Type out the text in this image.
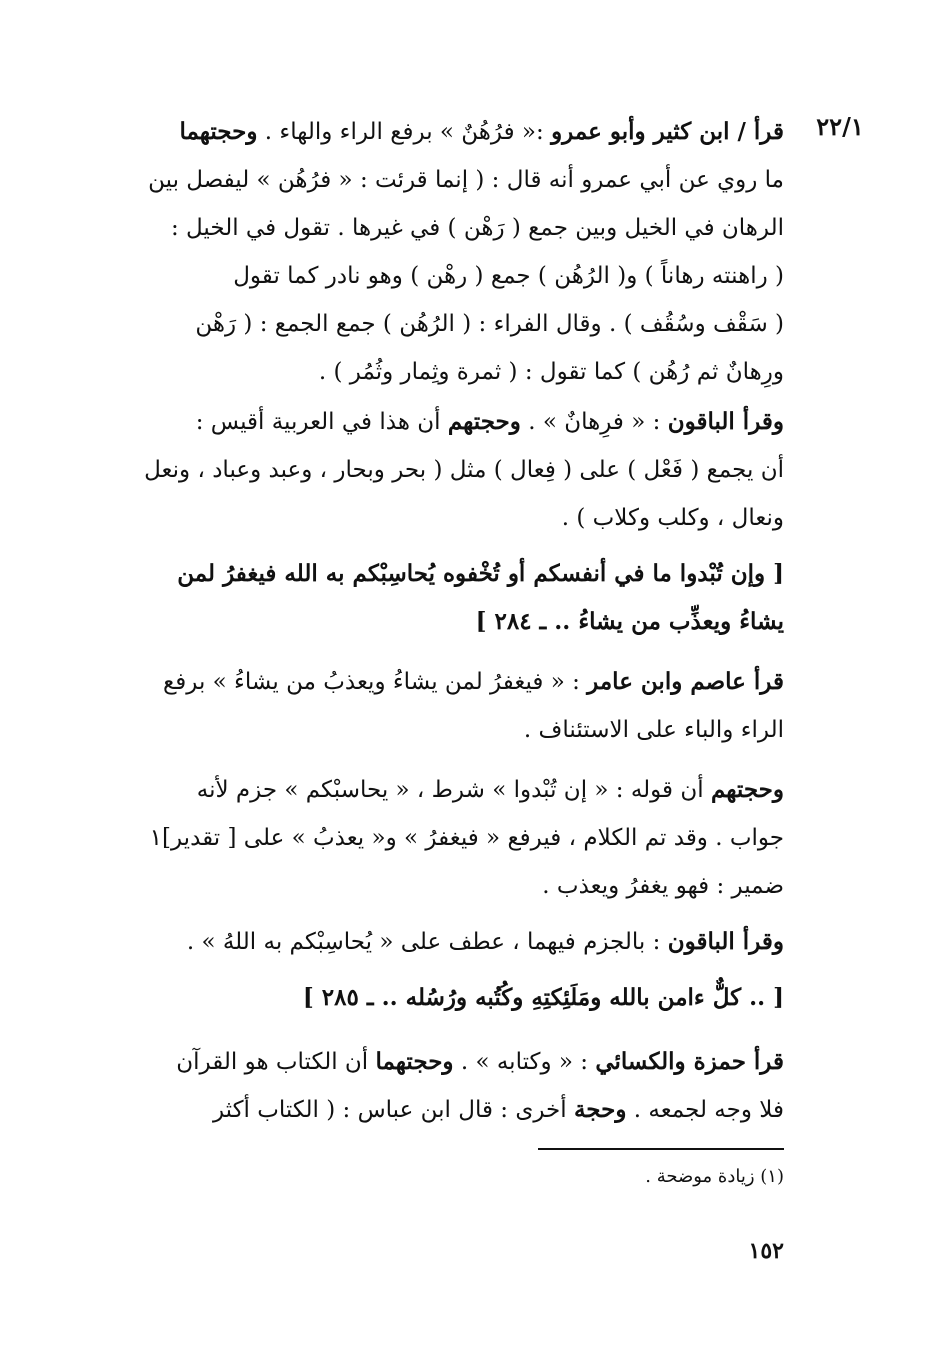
٢٢/١
قرأ / ابن كثير وأبو عمرو :« فرُهُنٌ » برفع الراء والهاء . وحجتهما
ما روي عن أبي عمرو أنه قال : ( إنما قرئت : « فرُهُن » ليفصل بين
الرهان في الخيل وبين جمع ( رَهْن ) في غيرها . تقول في الخيل :
( راهنته رهاناً ) و( الرُهُن ) جمع ( رهْن ) وهو نادر كما تقول
( سَقْف وسُقُف ) . وقال الفراء : ( الرُهُن ) جمع الجمع : ( رَهْن
ورِهانٌ ثم رُهُن ) كما تقول : ( ثمرة وثِمار وثُمُر ) .
وقرأ الباقون : « فرِهانٌ » . وحجتهم أن هذا في العربية أقيس :
أن يجمع ( فَعْل ) على ( فِعال ) مثل ( بحر وبحار ، وعبد وعباد ، ونعل
ونعال ، وكلب وكلاب ) .
[ وإن تُبْدوا ما في أنفسكم أو تُخْفوه يُحاسِبْكم به الله فيغفرُ لمن
يشاءُ ويعذِّب من يشاءُ .. ـ ٢٨٤ ]
قرأ عاصم وابن عامر : « فيغفرُ لمن يشاءُ ويعذبُ من يشاءُ » برفع
الراء والباء على الاستئناف .
وحجتهم أن قوله : « إن تُبْدوا » شرط ، « يحاسبْكم » جزم لأنه
جواب . وقد تم الكلام ، فيرفع « فيغفرُ » و« يعذبُ » على [ تقدير]١
ضمير : فهو يغفرُ ويعذب .
وقرأ الباقون : بالجزم فيهما ، عطف على « يُحاسِبْكم به اللهُ » .
[ .. كلٌّ ءامن بالله ومَلَئِكتِهِ وكُتُبه ورُسُله .. ـ ٢٨٥ ]
قرأ حمزة والكسائي : « وكتابه » . وحجتهما أن الكتاب هو القرآن
فلا وجه لجمعه . وحجة أخرى : قال ابن عباس : ( الكتاب أكثر
(١) زيادة موضحة .
١٥٢
